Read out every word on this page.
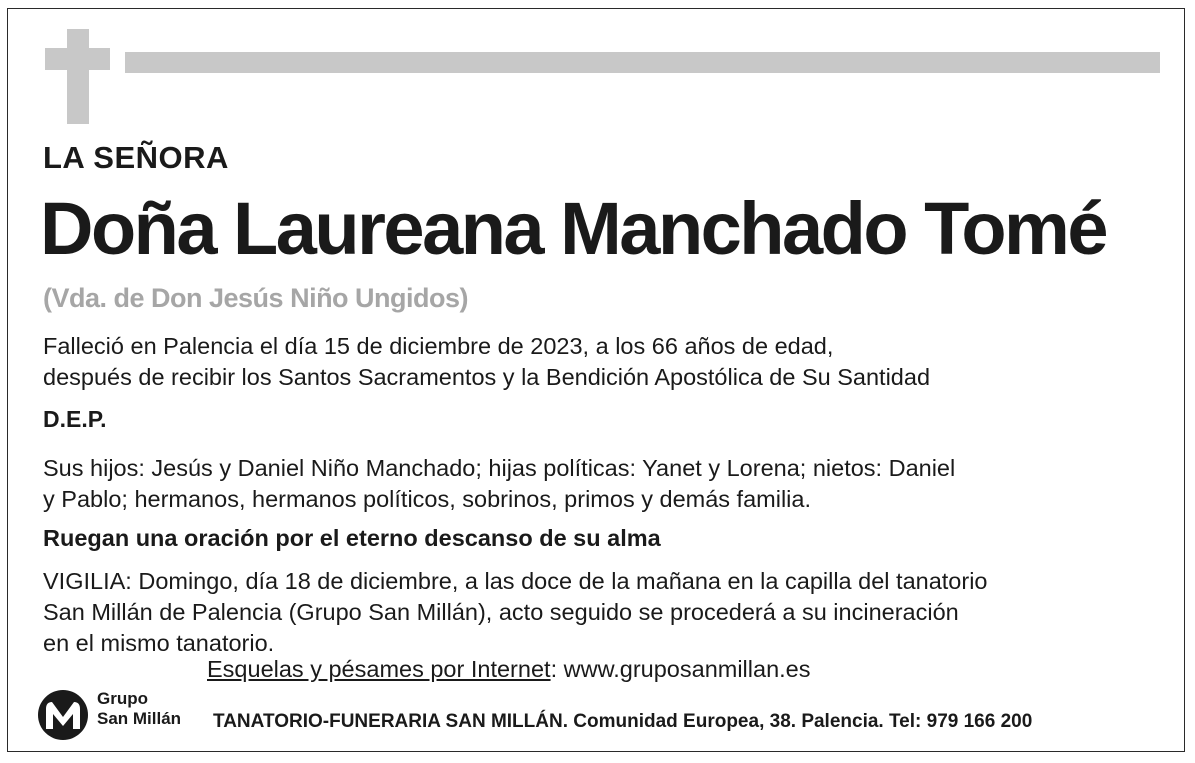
LA SEÑORA
Doña Laureana Manchado Tomé
(Vda. de Don Jesús Niño Ungidos)
Falleció en Palencia el día 15 de diciembre de 2023, a los 66 años de edad,
después de recibir los Santos Sacramentos y la Bendición Apostólica de Su Santidad
D.E.P.
Sus hijos: Jesús y Daniel Niño Manchado; hijas políticas: Yanet y Lorena; nietos: Daniel
y Pablo; hermanos, hermanos políticos, sobrinos, primos y demás familia.
Ruegan una oración por el eterno descanso de su alma
VIGILIA: Domingo, día 18 de diciembre, a las doce de la mañana en la capilla del tanatorio
San Millán de Palencia (Grupo San Millán), acto seguido se procederá a su incineración
en el mismo tanatorio.
Esquelas y pésames por Internet: www.gruposanmillan.es
Grupo
San Millán TANATORIO-FUNERARIA SAN MILLÁN. Comunidad Europea, 38. Palencia. Tel: 979 166 200
